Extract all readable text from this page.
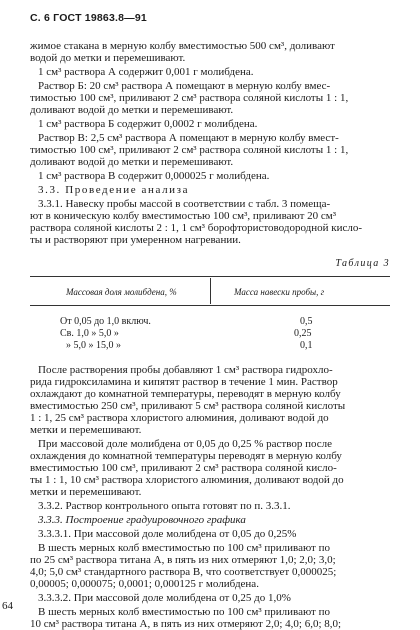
С. 6 ГОСТ 19863.8—91
жимое стакана в мерную колбу вместимостью 500 см³, доливают
водой до метки и перемешивают.
1 см³ раствора А содержит 0,001 г молибдена.
Раствор Б: 20 см³ раствора А помещают в мерную колбу вмес-
тимостью 100 см³, приливают 2 см³ раствора соляной кислоты 1 : 1,
доливают водой до метки и перемешивают.
1 см³ раствора Б содержит 0,0002 г молибдена.
Раствор В: 2,5 см³ раствора А помещают в мерную колбу вмест-
тимостью 100 см³, приливают 2 см³ раствора соляной кислоты 1 : 1,
доливают водой до метки и перемешивают.
1 см³ раствора В содержит 0,000025 г молибдена.
3.3. Проведение анализа
3.3.1. Навеску пробы массой в соответствии с табл. 3 помеща-
ют в коническую колбу вместимостью 100 см³, приливают 20 см³
раствора соляной кислоты 2 : 1, 1 см³ борофтористоводородной кисло-
ты и растворяют при умеренном нагревании.
Таблица 3
Массовая доля молибдена, %	Масса навески пробы, г
От 0,05 до 1,0 включ.	0,5
Св. 1,0 » 5,0 »	0,25
» 5,0 » 15,0 »	0,1
После растворения пробы добавляют 1 см³ раствора гидрохло-
рида гидроксиламина и кипятят раствор в течение 1 мин. Раствор
охлаждают до комнатной температуры, переводят в мерную колбу
вместимостью 250 см³, приливают 5 см³ раствора соляной кислоты
1 : 1, 25 см³ раствора хлористого алюминия, доливают водой до
метки и перемешивают.
При массовой доле молибдена от 0,05 до 0,25 % раствор после
охлаждения до комнатной температуры переводят в мерную колбу
вместимостью 100 см³, приливают 2 см³ раствора соляной кисло-
ты 1 : 1, 10 см³ раствора хлористого алюминия, доливают водой до
метки и перемешивают.
3.3.2. Раствор контрольного опыта готовят по п. 3.3.1.
3.3.3. Построение градуировочного графика
3.3.3.1. При массовой доле молибдена от 0,05 до 0,25%
В шесть мерных колб вместимостью по 100 см³ приливают по
по 25 см³ раствора титана А, в пять из них отмеряют 1,0; 2,0; 3,0;
4,0; 5,0 см³ стандартного раствора В, что соответствует 0,000025;
0,00005; 0,000075; 0,0001; 0,000125 г молибдена.
3.3.3.2. При массовой доле молибдена от 0,25 до 1,0%
В шесть мерных колб вместимостью по 100 см³ приливают по
10 см³ раствора титана А, в пять из них отмеряют 2,0; 4,0; 6,0; 8,0;
64
